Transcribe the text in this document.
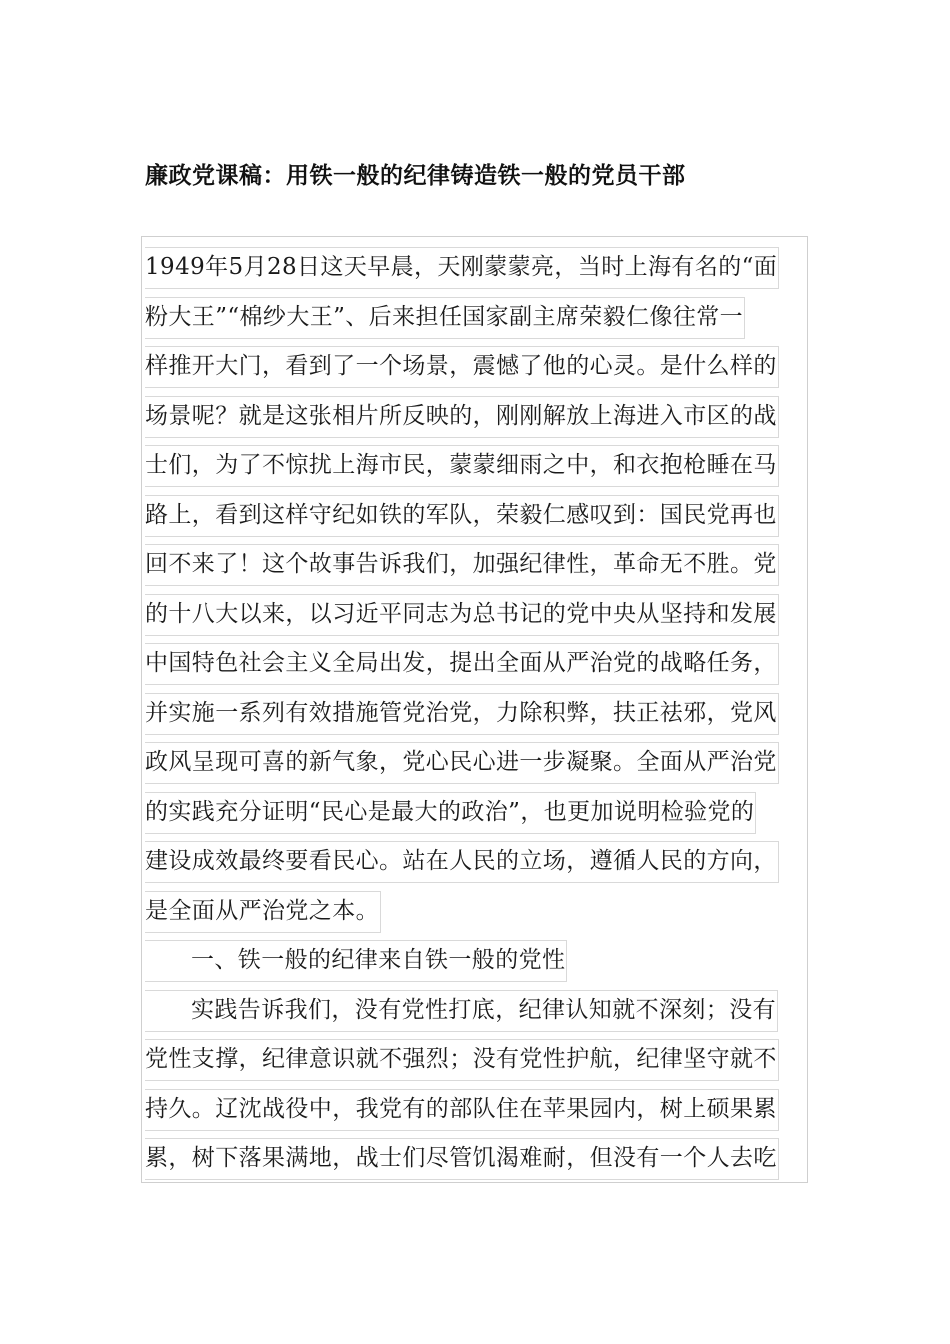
廉政党课稿：用铁一般的纪律铸造铁一般的党员干部
1949年5月28日这天早晨，天刚蒙蒙亮，当时上海有名的“面
粉大王”“棉纱大王”、后来担任国家副主席荣毅仁像往常一
样推开大门，看到了一个场景，震憾了他的心灵。是什么样的
场景呢？就是这张相片所反映的，刚刚解放上海进入市区的战
士们，为了不惊扰上海市民，蒙蒙细雨之中，和衣抱枪睡在马
路上，看到这样守纪如铁的军队，荣毅仁感叹到：国民党再也
回不来了！这个故事告诉我们，加强纪律性，革命无不胜。党
的十八大以来，以习近平同志为总书记的党中央从坚持和发展
中国特色社会主义全局出发，提出全面从严治党的战略任务，
并实施一系列有效措施管党治党，力除积弊，扶正祛邪，党风
政风呈现可喜的新气象，党心民心进一步凝聚。全面从严治党
的实践充分证明“民心是最大的政治”，也更加说明检验党的
建设成效最终要看民心。站在人民的立场，遵循人民的方向，
是全面从严治党之本。
一、铁一般的纪律来自铁一般的党性
实践告诉我们，没有党性打底，纪律认知就不深刻；没有
党性支撑，纪律意识就不强烈；没有党性护航，纪律坚守就不
持久。辽沈战役中，我党有的部队住在苹果园内，树上硕果累
累，树下落果满地，战士们尽管饥渴难耐，但没有一个人去吃
